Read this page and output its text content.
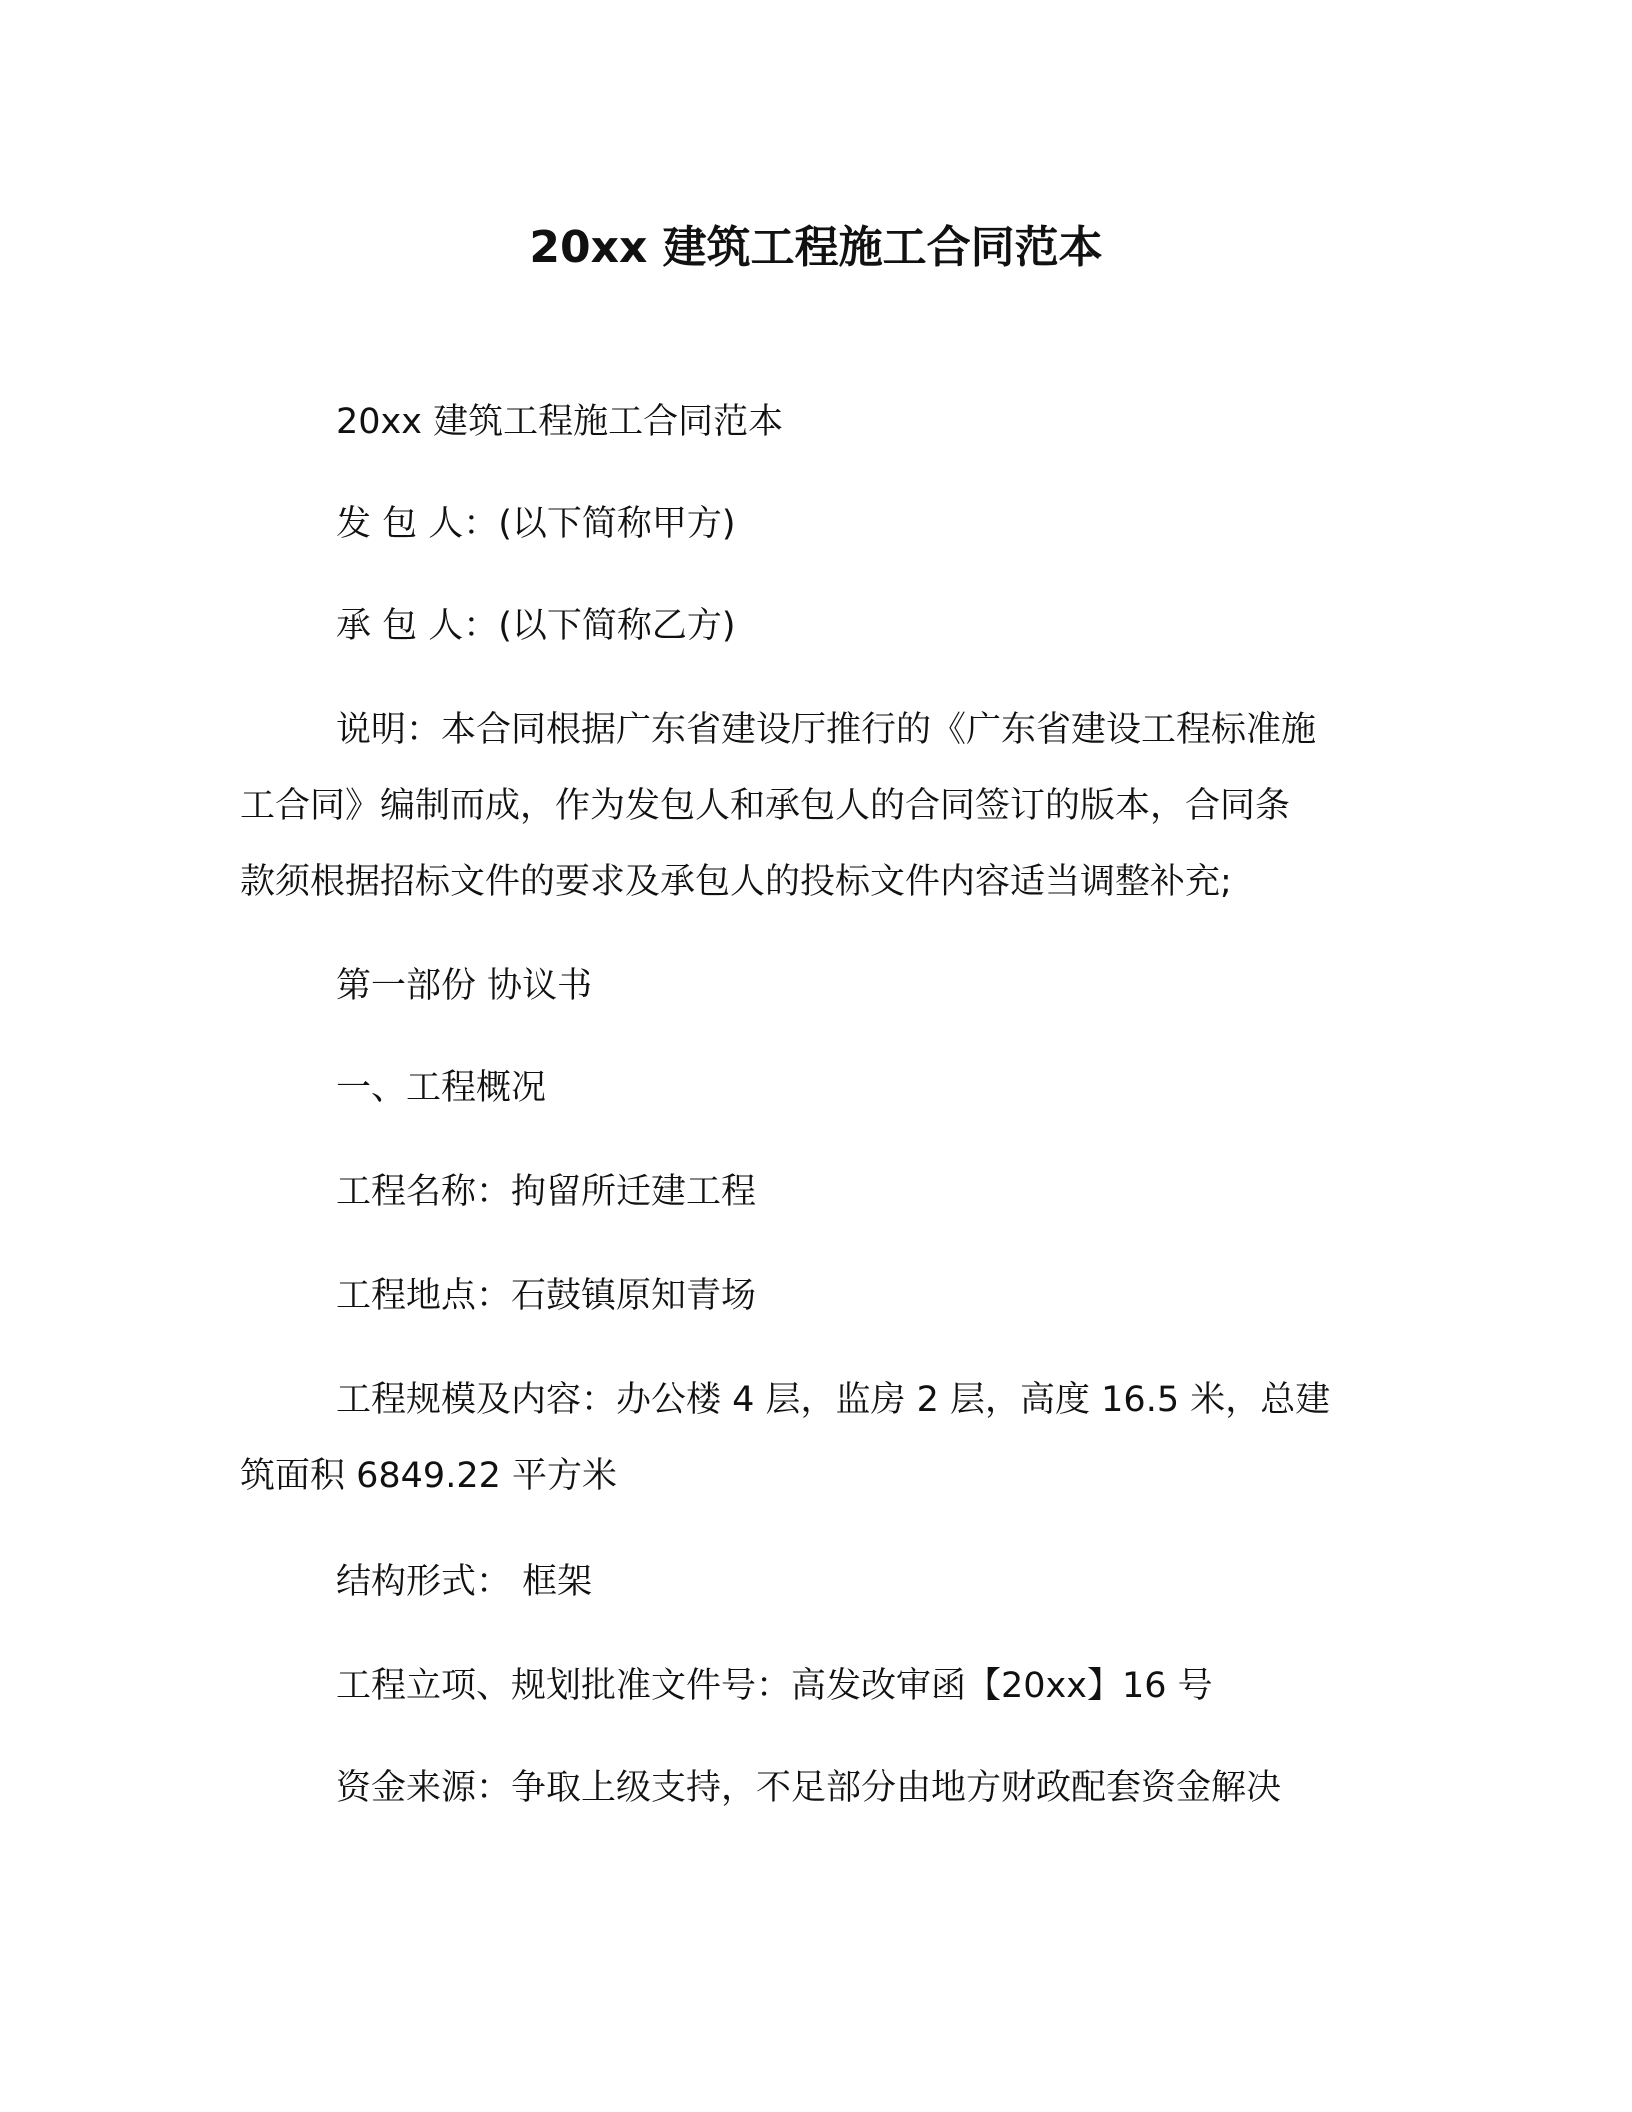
20xx 建筑工程施工合同范本
20xx 建筑工程施工合同范本
发 包 人：(以下简称甲方)
承 包 人：(以下简称乙方)
说明：本合同根据广东省建设厅推行的《广东省建设工程标准施
工合同》编制而成，作为发包人和承包人的合同签订的版本，合同条
款须根据招标文件的要求及承包人的投标文件内容适当调整补充;
第一部份 协议书
一、工程概况
工程名称：拘留所迁建工程
工程地点：石鼓镇原知青场
工程规模及内容：办公楼 4 层，监房 2 层，高度 16.5 米，总建
筑面积 6849.22 平方米
结构形式： 框架
工程立项、规划批准文件号：高发改审函【20xx】16 号
资金来源：争取上级支持，不足部分由地方财政配套资金解决
